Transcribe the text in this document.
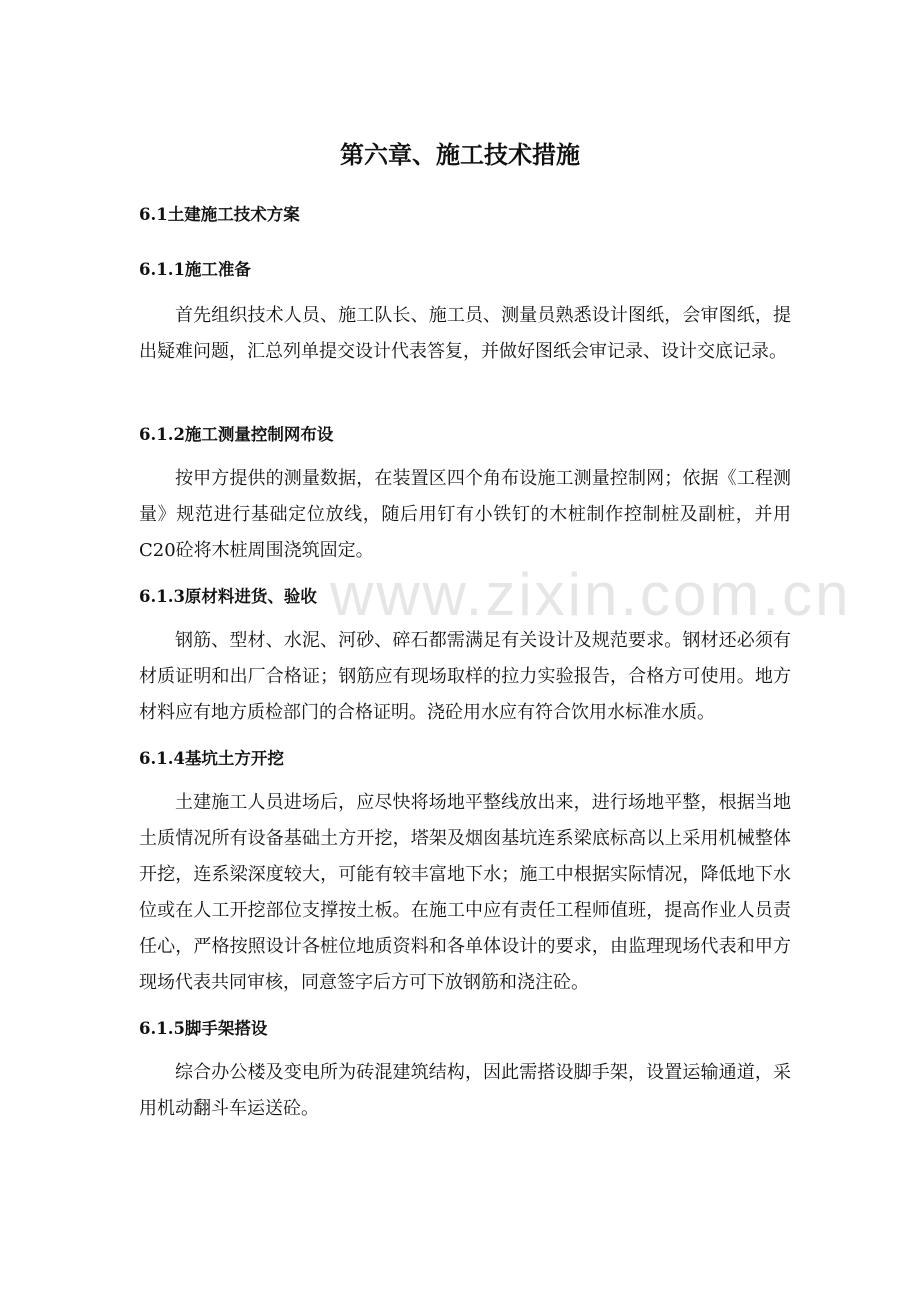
www.zixin.com.cn
第六章、施工技术措施
6.1土建施工技术方案
6.1.1施工准备
首先组织技术人员、施工队长、施工员、测量员熟悉设计图纸，会审图纸，提出疑难问题，汇总列单提交设计代表答复，并做好图纸会审记录、设计交底记录。
6.1.2施工测量控制网布设
按甲方提供的测量数据，在装置区四个角布设施工测量控制网；依据《工程测量》规范进行基础定位放线，随后用钉有小铁钉的木桩制作控制桩及副桩，并用C20砼将木桩周围浇筑固定。
6.1.3原材料进货、验收
钢筋、型材、水泥、河砂、碎石都需满足有关设计及规范要求。钢材还必须有材质证明和出厂合格证；钢筋应有现场取样的拉力实验报告，合格方可使用。地方材料应有地方质检部门的合格证明。浇砼用水应有符合饮用水标准水质。
6.1.4基坑土方开挖
土建施工人员进场后，应尽快将场地平整线放出来，进行场地平整，根据当地土质情况所有设备基础土方开挖，塔架及烟囱基坑连系梁底标高以上采用机械整体开挖，连系梁深度较大，可能有较丰富地下水；施工中根据实际情况，降低地下水位或在人工开挖部位支撑按土板。在施工中应有责任工程师值班，提高作业人员责任心，严格按照设计各桩位地质资料和各单体设计的要求，由监理现场代表和甲方现场代表共同审核，同意签字后方可下放钢筋和浇注砼。
6.1.5脚手架搭设
综合办公楼及变电所为砖混建筑结构，因此需搭设脚手架，设置运输通道，采用机动翻斗车运送砼。
